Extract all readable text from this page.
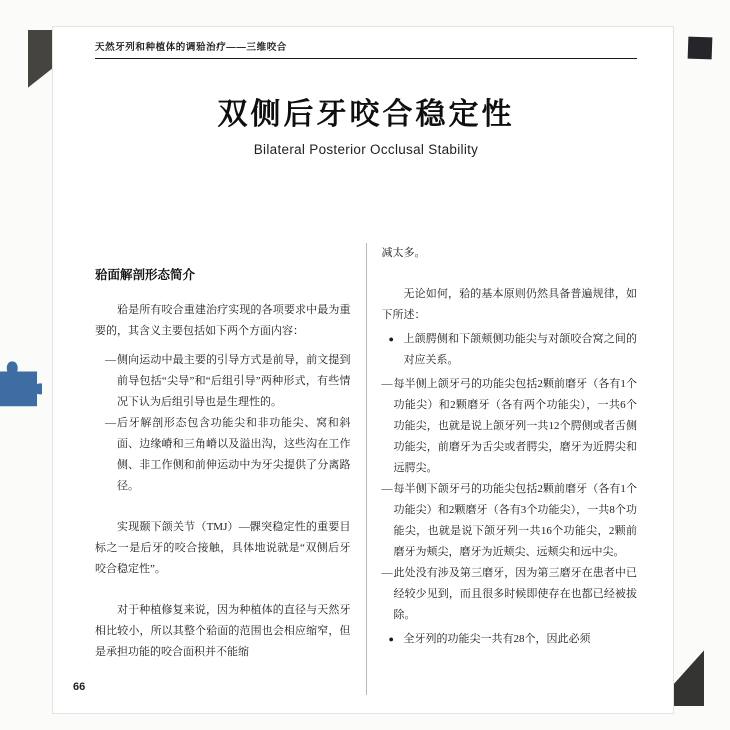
天然牙列和种植体的调𬌗治疗——三维咬合
双侧后牙咬合稳定性
Bilateral Posterior Occlusal Stability
𬌗面解剖形态简介

𬌗是所有咬合重建治疗实现的各项要求中最为重要的，其含义主要包括如下两个方面内容：

— 侧向运动中最主要的引导方式是前导，前文提到前导包括“尖导”和“后组引导”两种形式，有些情况下认为后组引导也是生理性的。
— 后牙解剖形态包含功能尖和非功能尖、窝和斜面、边缘嵴和三角嵴以及溢出沟，这些沟在工作侧、非工作侧和前伸运动中为牙尖提供了分离路径。

实现颞下颌关节（TMJ）—髁突稳定性的重要目标之一是后牙的咬合接触，具体地说就是“双侧后牙咬合稳定性”。

对于种植修复来说，因为种植体的直径与天然牙相比较小，所以其整个𬌗面的范围也会相应缩窄，但是承担功能的咬合面积并不能缩

减太多。

无论如何，𬌗的基本原则仍然具备普遍规律，如下所述：

● 上颌腭侧和下颌颊侧功能尖与对颌咬合窝之间的对应关系。
— 每半侧上颌牙弓的功能尖包括2颗前磨牙（各有1个功能尖）和2颗磨牙（各有两个功能尖），一共6个功能尖，也就是说上颌牙列一共12个腭侧或者舌侧功能尖，前磨牙为舌尖或者腭尖，磨牙为近腭尖和远腭尖。
— 每半侧下颌牙弓的功能尖包括2颗前磨牙（各有1个功能尖）和2颗磨牙（各有3个功能尖），一共8个功能尖，也就是说下颌牙列一共16个功能尖，2颗前磨牙为颊尖，磨牙为近颊尖、远颊尖和远中尖。
— 此处没有涉及第三磨牙，因为第三磨牙在患者中已经较少见到，而且很多时候即使存在也都已经被拔除。
● 全牙列的功能尖一共有28个，因此必须
66
